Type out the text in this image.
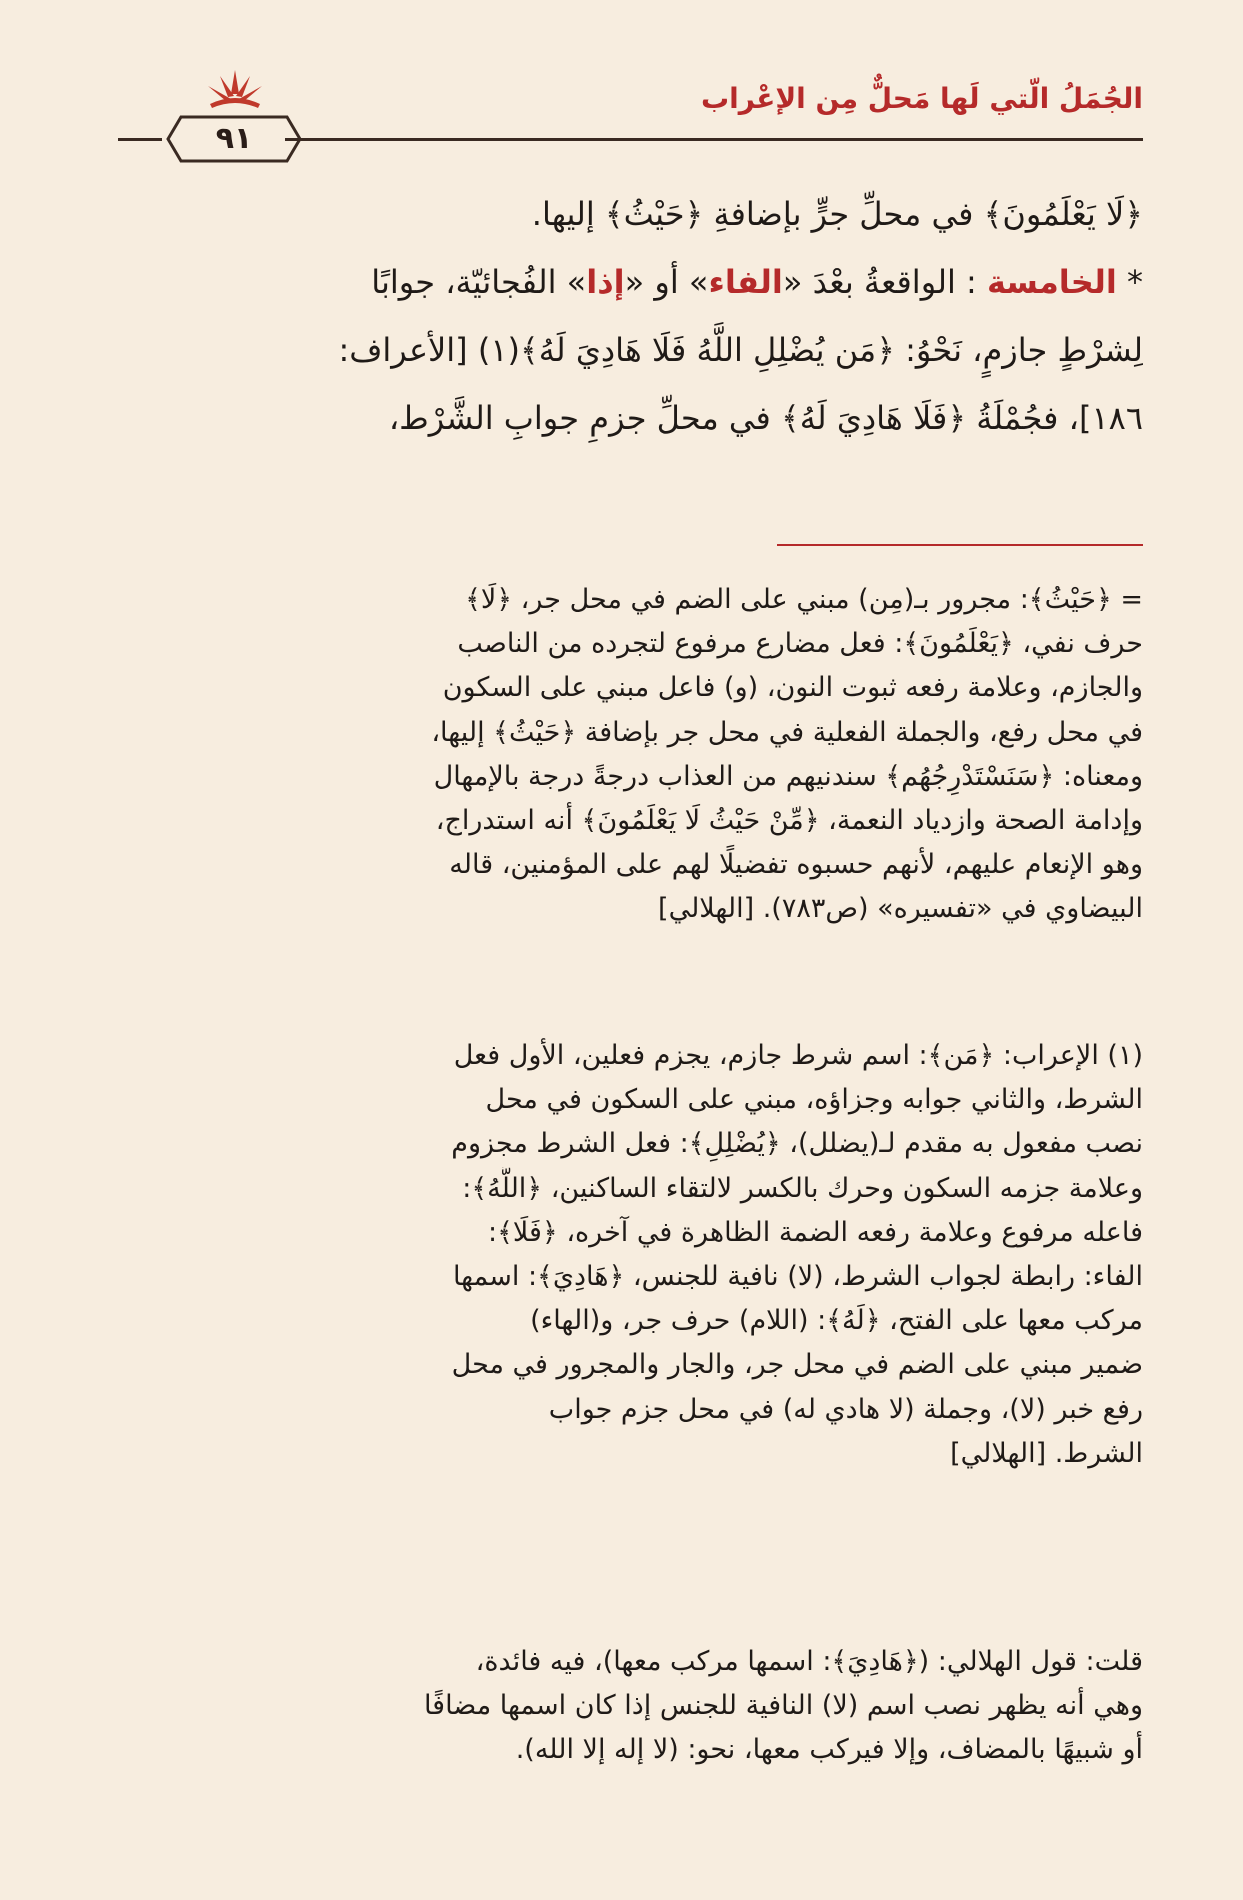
الجُمَلُ الّتي لَها مَحلٌّ مِن الإعْراب
٩١
﴿لَا يَعْلَمُونَ﴾ في محلِّ جرٍّ بإضافةِ ﴿حَيْثُ﴾ إليها.
* الخامسة : الواقعةُ بعْدَ «الفاء» أو «إذا» الفُجائيّة، جوابًا
لِشرْطٍ جازمٍ، نَحْوُ: ﴿مَن يُضْلِلِ اللَّهُ فَلَا هَادِيَ لَهُ﴾(١) [الأعراف:
١٨٦]، فجُمْلَةُ ﴿فَلَا هَادِيَ لَهُ﴾ في محلِّ جزمِ جوابِ الشَّرْط،
= ﴿حَيْثُ﴾: مجرور بـ(مِن) مبني على الضم في محل جر، ﴿لَا﴾
حرف نفي، ﴿يَعْلَمُونَ﴾: فعل مضارع مرفوع لتجرده من الناصب
والجازم، وعلامة رفعه ثبوت النون، (و) فاعل مبني على السكون
في محل رفع، والجملة الفعلية في محل جر بإضافة ﴿حَيْثُ﴾ إليها،
ومعناه: ﴿سَنَسْتَدْرِجُهُم﴾ سندنيهم من العذاب درجةً درجة بالإمهال
وإدامة الصحة وازدياد النعمة، ﴿مِّنْ حَيْثُ لَا يَعْلَمُونَ﴾ أنه استدراج،
وهو الإنعام عليهم، لأنهم حسبوه تفضيلًا لهم على المؤمنين، قاله
البيضاوي في «تفسيره» (ص٧٨٣). [الهلالي]
(١) الإعراب: ﴿مَن﴾: اسم شرط جازم، يجزم فعلين، الأول فعل
الشرط، والثاني جوابه وجزاؤه، مبني على السكون في محل
نصب مفعول به مقدم لـ(يضلل)، ﴿يُضْلِلِ﴾: فعل الشرط مجزوم
وعلامة جزمه السكون وحرك بالكسر لالتقاء الساكنين، ﴿اللَّهُ﴾:
فاعله مرفوع وعلامة رفعه الضمة الظاهرة في آخره، ﴿فَلَا﴾:
الفاء: رابطة لجواب الشرط، (لا) نافية للجنس، ﴿هَادِيَ﴾: اسمها
مركب معها على الفتح، ﴿لَهُ﴾: (اللام) حرف جر، و(الهاء)
ضمير مبني على الضم في محل جر، والجار والمجرور في محل
رفع خبر (لا)، وجملة (لا هادي له) في محل جزم جواب
الشرط. [الهلالي]
قلت: قول الهلالي: (﴿هَادِيَ﴾: اسمها مركب معها)، فيه فائدة،
وهي أنه يظهر نصب اسم (لا) النافية للجنس إذا كان اسمها مضافًا
أو شبيهًا بالمضاف، وإلا فيركب معها، نحو: (لا إله إلا الله).
